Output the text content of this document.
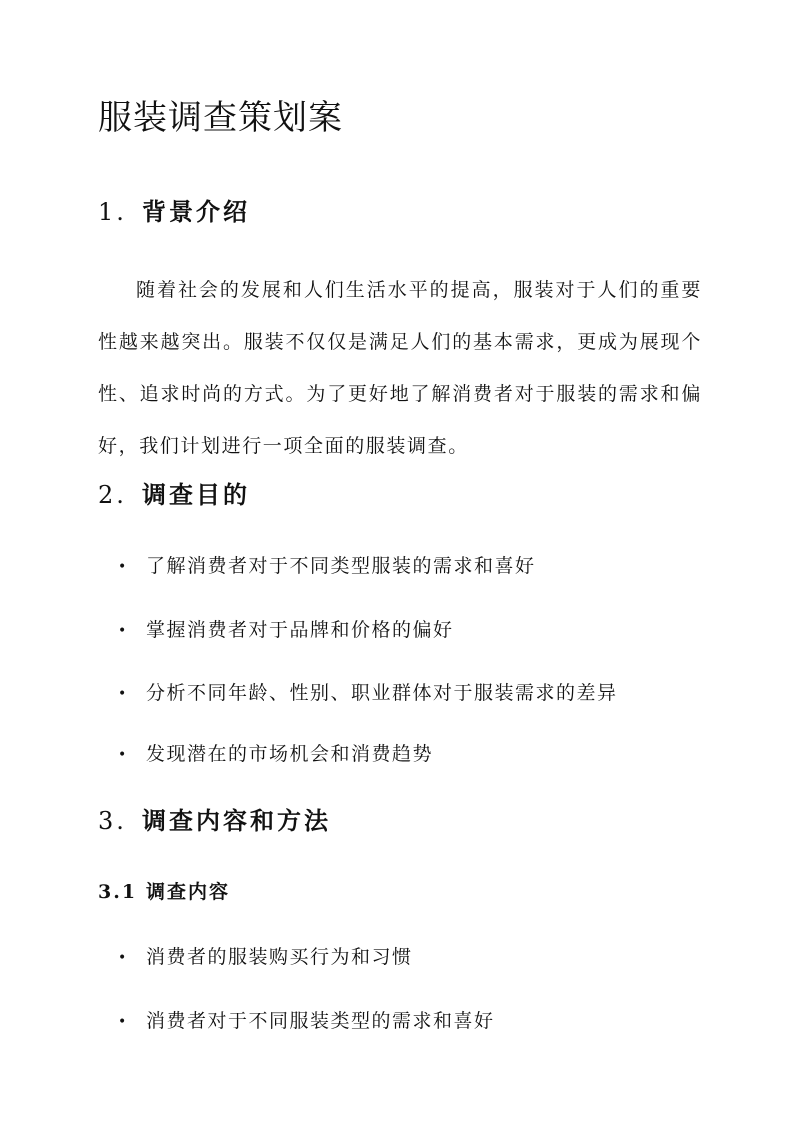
服装调查策划案
1. 背景介绍

随着社会的发展和人们生活水平的提高，服装对于人们的重要性越来越突出。服装不仅仅是满足人们的基本需求，更成为展现个性、追求时尚的方式。为了更好地了解消费者对于服装的需求和偏好，我们计划进行一项全面的服装调查。

2. 调查目的
• 了解消费者对于不同类型服装的需求和喜好
• 掌握消费者对于品牌和价格的偏好
• 分析不同年龄、性别、职业群体对于服装需求的差异
• 发现潜在的市场机会和消费趋势
3. 调查内容和方法
3.1 调查内容
• 消费者的服装购买行为和习惯
• 消费者对于不同服装类型的需求和喜好
